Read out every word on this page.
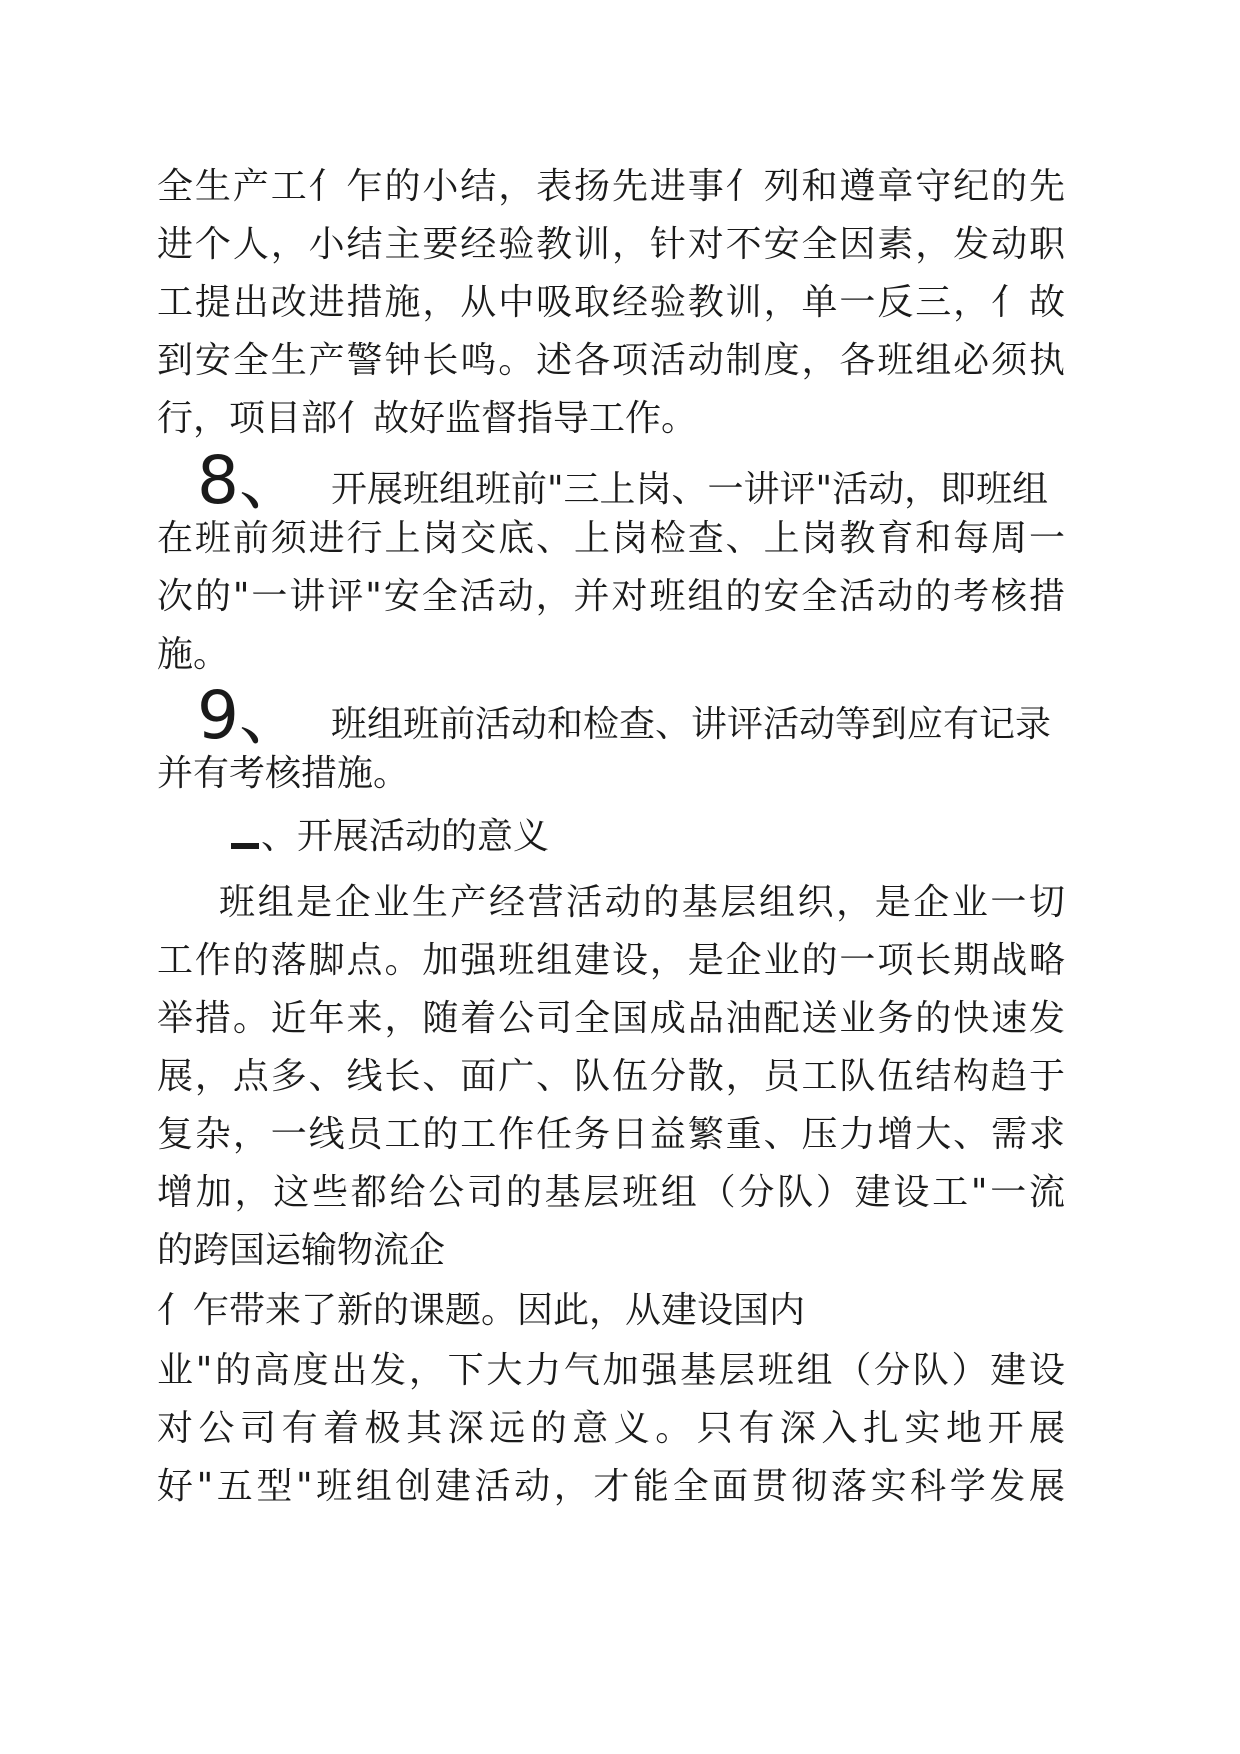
全生产工亻乍的小结，表扬先进事亻列和遵章守纪的先
进个人，小结主要经验教训，针对不安全因素，发动职
工提出改进措施，从中吸取经验教训，单一反三，亻故
到安全生产警钟长鸣。述各项活动制度，各班组必须执
行，项目部亻故好监督指导工作。
8、 开展班组班前"三上岗、一讲评"活动，即班组
在班前须进行上岗交底、上岗检查、上岗教育和每周一
次的"一讲评"安全活动，并对班组的安全活动的考核措
施。
9、 班组班前活动和检查、讲评活动等到应有记录
并有考核措施。
、开展活动的意义
班组是企业生产经营活动的基层组织，是企业一切
工作的落脚点。加强班组建设，是企业的一项长期战略
举措。近年来，随着公司全国成品油配送业务的快速发
展，点多、线长、面广、队伍分散，员工队伍结构趋于
复杂，一线员工的工作任务日益繁重、压力增大、需求
增加，这些都给公司的基层班组（分队）建设工"一流
的跨国运输物流企
亻乍带来了新的课题。因此，从建设国内
业"的高度出发，下大力气加强基层班组（分队）建设
对公司有着极其深远的意义。只有深入扎实地开展
好"五型"班组创建活动，才能全面贯彻落实科学发展
